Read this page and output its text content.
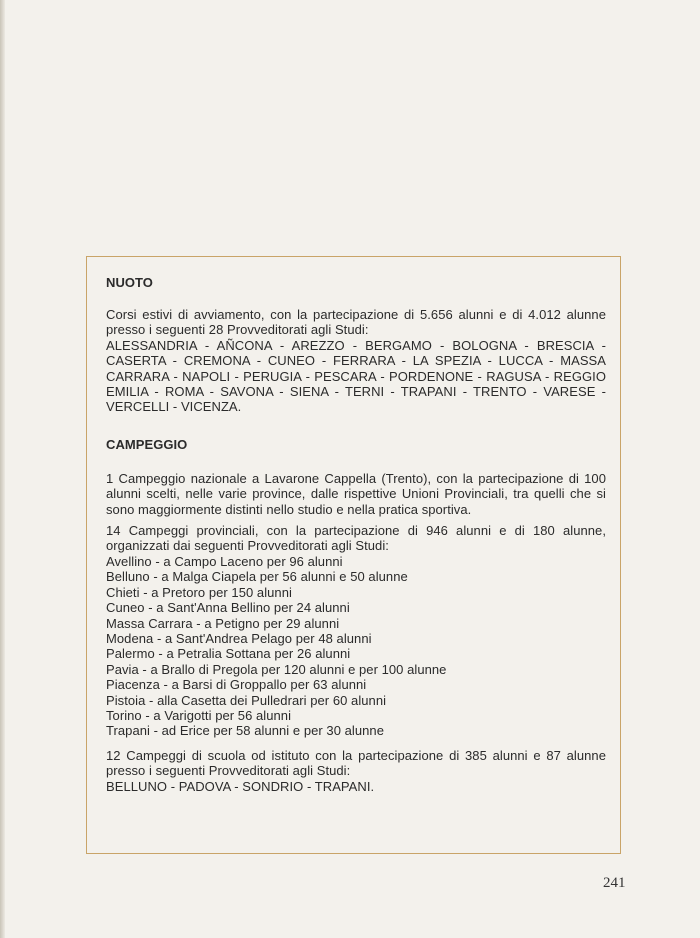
NUOTO

Corsi estivi di avviamento, con la partecipazione di 5.656 alunni e di 4.012 alunne presso i seguenti 28 Provveditorati agli Studi:

ALESSANDRIA - AÑCONA - AREZZO - BERGAMO - BOLOGNA - BRESCIA - CASERTA - CREMONA - CUNEO - FERRARA - LA SPEZIA - LUCCA - MASSA CARRARA - NAPOLI - PERUGIA - PESCARA - PORDENONE - RAGUSA - REGGIO EMILIA - ROMA - SAVONA - SIENA - TERNI - TRAPANI - TRENTO - VARESE - VERCELLI - VICENZA.

CAMPEGGIO

1 Campeggio nazionale a Lavarone Cappella (Trento), con la partecipazione di 100 alunni scelti, nelle varie province, dalle rispettive Unioni Provinciali, tra quelli che si sono maggiormente distinti nello studio e nella pratica sportiva.

14 Campeggi provinciali, con la partecipazione di 946 alunni e di 180 alunne, organizzati dai seguenti Provveditorati agli Studi:

Avellino - a Campo Laceno per 96 alunni
Belluno - a Malga Ciapela per 56 alunni e 50 alunne
Chieti - a Pretoro per 150 alunni
Cuneo - a Sant'Anna Bellino per 24 alunni
Massa Carrara - a Petigno per 29 alunni
Modena - a Sant'Andrea Pelago per 48 alunni
Palermo - a Petralia Sottana per 26 alunni
Pavia - a Brallo di Pregola per 120 alunni e per 100 alunne
Piacenza - a Barsi di Groppallo per 63 alunni
Pistoia - alla Casetta dei Pulledrari per 60 alunni
Torino - a Varigotti per 56 alunni
Trapani - ad Erice per 58 alunni e per 30 alunne

12 Campeggi di scuola od istituto con la partecipazione di 385 alunni e 87 alunne presso i seguenti Provveditorati agli Studi:

BELLUNO - PADOVA - SONDRIO - TRAPANI.

241
